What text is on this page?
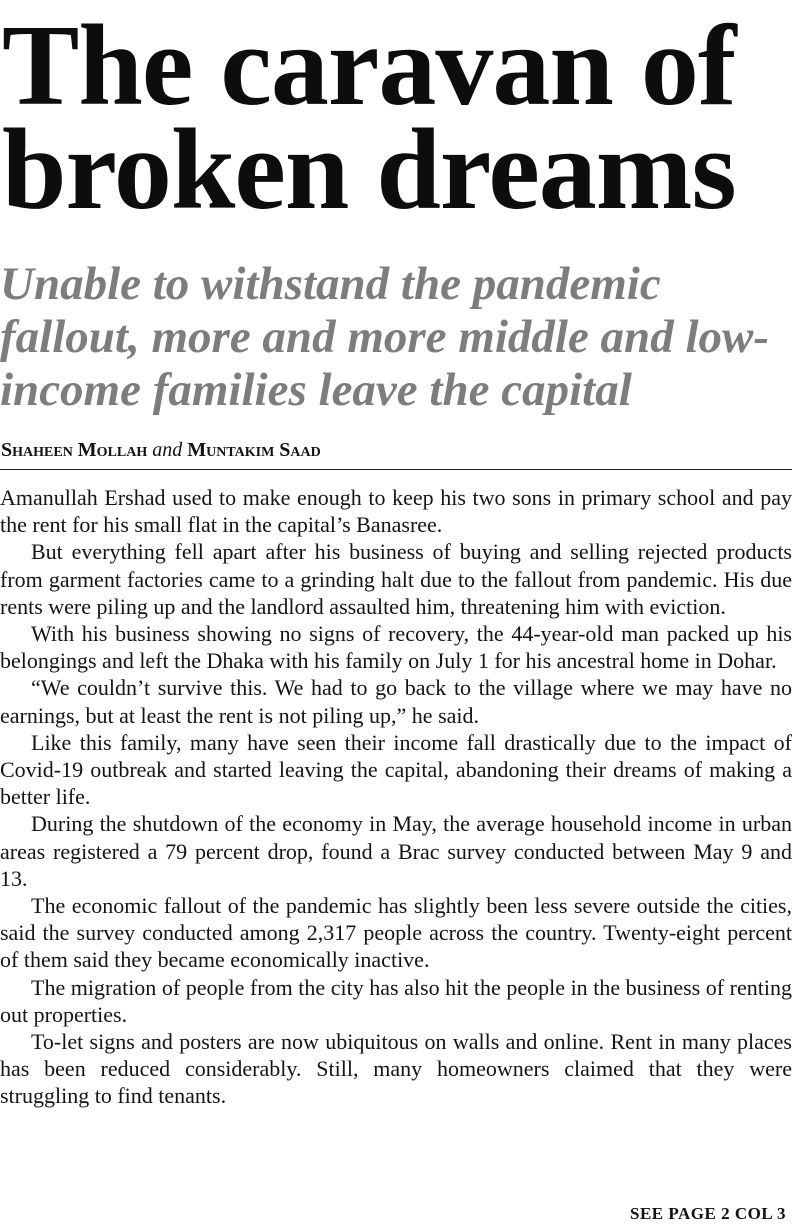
The caravan of broken dreams
Unable to withstand the pandemic fallout, more and more middle and low-income families leave the capital
Shaheen Mollah and Muntakim Saad

Amanullah Ershad used to make enough to keep his two sons in primary school and pay the rent for his small flat in the capital’s Banasree.

But everything fell apart after his business of buying and selling rejected products from garment factories came to a grinding halt due to the fallout from pandemic. His due rents were piling up and the landlord assaulted him, threatening him with eviction.

With his business showing no signs of recovery, the 44-year-old man packed up his belongings and left the Dhaka with his family on July 1 for his ancestral home in Dohar.

“We couldn’t survive this. We had to go back to the village where we may have no earnings, but at least the rent is not piling up,” he said.

Like this family, many have seen their income fall drastically due to the impact of Covid-19 outbreak and started leaving the capital, abandoning their dreams of making a better life.

During the shutdown of the economy in May, the average household income in urban areas registered a 79 percent drop, found a Brac survey conducted between May 9 and 13.

The economic fallout of the pandemic has slightly been less severe outside the cities, said the survey conducted among 2,317 people across the country. Twenty-eight percent of them said they became economically inactive.

The migration of people from the city has also hit the people in the business of renting out properties.

To-let signs and posters are now ubiquitous on walls and online. Rent in many places has been reduced considerably. Still, many homeowners claimed that they were struggling to find tenants.

SEE PAGE 2 COL 3
